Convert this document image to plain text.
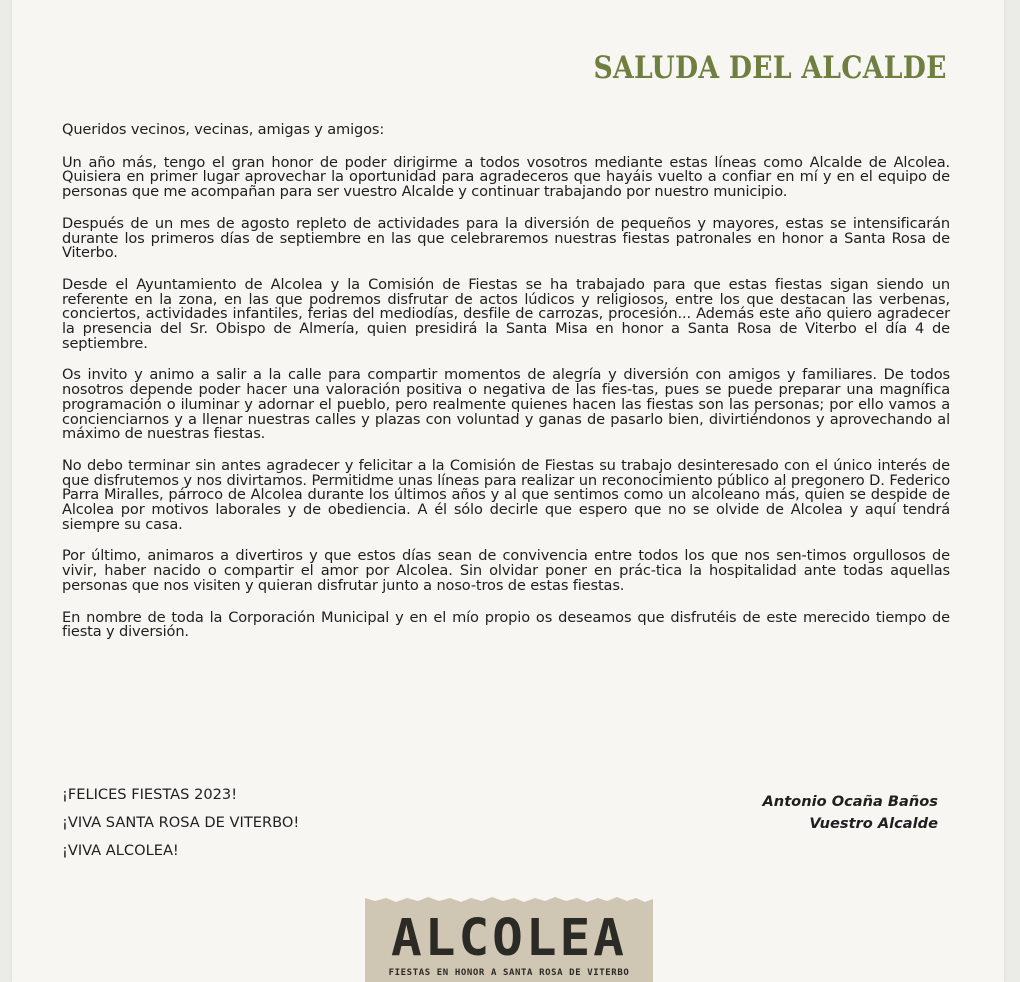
SALUDA DEL ALCALDE

Queridos vecinos, vecinas, amigas y amigos:

Un año más, tengo el gran honor de poder dirigirme a todos vosotros mediante estas líneas como Alcalde de Alcolea. Quisiera en primer lugar aprovechar la oportunidad para agradeceros que hayáis vuelto a confiar en mí y en el equipo de personas que me acompañan para ser vuestro Alcalde y continuar trabajando por nuestro municipio.

Después de un mes de agosto repleto de actividades para la diversión de pequeños y mayores, estas se intensificarán durante los primeros días de septiembre en las que celebraremos nuestras fiestas patronales en honor a Santa Rosa de Viterbo.

Desde el Ayuntamiento de Alcolea y la Comisión de Fiestas se ha trabajado para que estas fiestas sigan siendo un referente en la zona, en las que podremos disfrutar de actos lúdicos y religiosos, entre los que destacan las verbenas, conciertos, actividades infantiles, ferias del mediodías, desfile de carrozas, procesión... Además este año quiero agradecer la presencia del Sr. Obispo de Almería, quien presidirá la Santa Misa en honor a Santa Rosa de Viterbo el día 4 de septiembre.

Os invito y animo a salir a la calle para compartir momentos de alegría y diversión con amigos y familiares. De todos nosotros depende poder hacer una valoración positiva o negativa de las fies-tas, pues se puede preparar una magnífica programación o iluminar y adornar el pueblo, pero realmente quienes hacen las fiestas son las personas; por ello vamos a concienciarnos y a llenar nuestras calles y plazas con voluntad y ganas de pasarlo bien, divirtiéndonos y aprovechando al máximo de nuestras fiestas.

No debo terminar sin antes agradecer y felicitar a la Comisión de Fiestas su trabajo desinteresado con el único interés de que disfrutemos y nos divirtamos. Permitidme unas líneas para realizar un reconocimiento público al pregonero D. Federico Parra Miralles, párroco de Alcolea durante los últimos años y al que sentimos como un alcoleano más, quien se despide de Alcolea por motivos laborales y de obediencia. A él sólo decirle que espero que no se olvide de Alcolea y aquí tendrá siempre su casa.

Por último, animaros a divertiros y que estos días sean de convivencia entre todos los que nos sen-timos orgullosos de vivir, haber nacido o compartir el amor por Alcolea. Sin olvidar poner en prác-tica la hospitalidad ante todas aquellas personas que nos visiten y quieran disfrutar junto a noso-tros de estas fiestas.

En nombre de toda la Corporación Municipal y en el mío propio os deseamos que disfrutéis de este merecido tiempo de fiesta y diversión.

¡FELICES FIESTAS 2023!
¡VIVA SANTA ROSA DE VITERBO!
¡VIVA ALCOLEA!
Antonio Ocaña Baños
Vuestro Alcalde
ALCOLEA
FIESTAS EN HONOR A SANTA ROSA DE VITERBO
